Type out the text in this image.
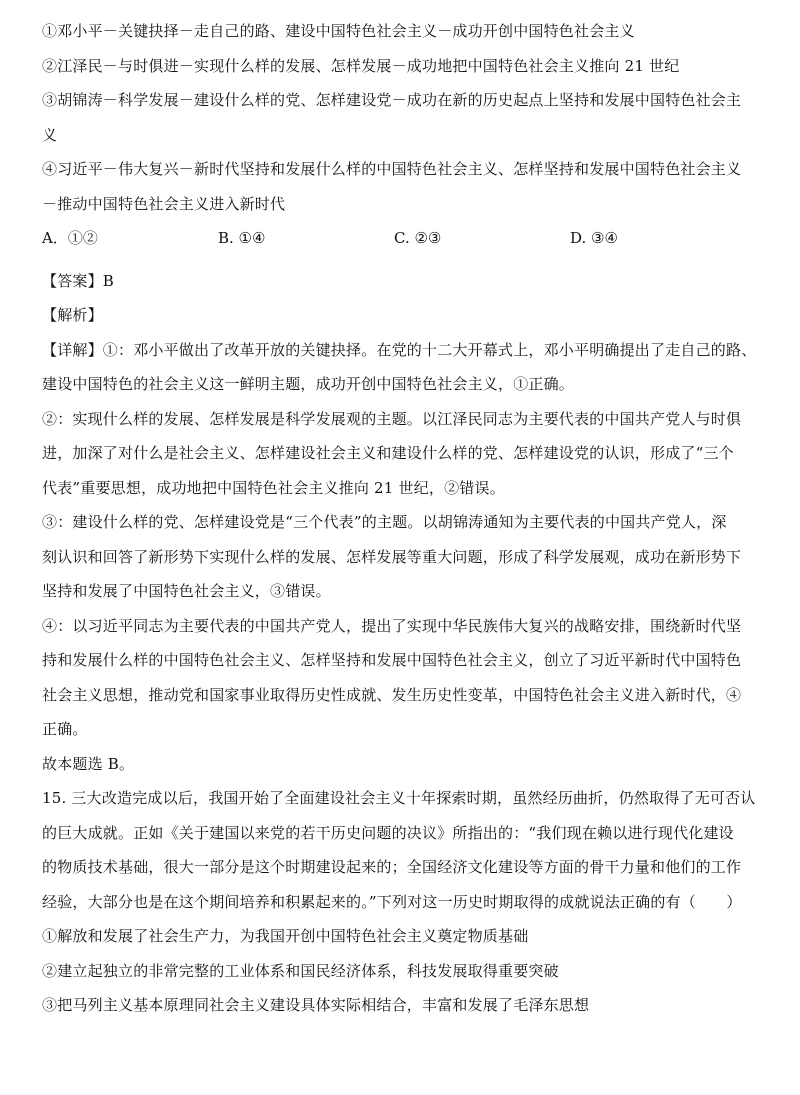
①邓小平－关键抉择－走自己的路、建设中国特色社会主义－成功开创中国特色社会主义
②江泽民－与时俱进－实现什么样的发展、怎样发展－成功地把中国特色社会主义推向 21 世纪
③胡锦涛－科学发展－建设什么样的党、怎样建设党－成功在新的历史起点上坚持和发展中国特色社会主
义
④习近平－伟大复兴－新时代坚持和发展什么样的中国特色社会主义、怎样坚持和发展中国特色社会主义
－推动中国特色社会主义进入新时代
A．①②	B. ①④	C. ②③	D. ③④
【答案】B
【解析】
【详解】①：邓小平做出了改革开放的关键抉择。在党的十二大开幕式上，邓小平明确提出了走自己的路、
建设中国特色的社会主义这一鲜明主题，成功开创中国特色社会主义，①正确。
②：实现什么样的发展、怎样发展是科学发展观的主题。以江泽民同志为主要代表的中国共产党人与时俱
进，加深了对什么是社会主义、怎样建设社会主义和建设什么样的党、怎样建设党的认识，形成了“三个
代表”重要思想，成功地把中国特色社会主义推向 21 世纪，②错误。
③：建设什么样的党、怎样建设党是“三个代表”的主题。以胡锦涛通知为主要代表的中国共产党人，深
刻认识和回答了新形势下实现什么样的发展、怎样发展等重大问题，形成了科学发展观，成功在新形势下
坚持和发展了中国特色社会主义，③错误。
④：以习近平同志为主要代表的中国共产党人，提出了实现中华民族伟大复兴的战略安排，围绕新时代坚
持和发展什么样的中国特色社会主义、怎样坚持和发展中国特色社会主义，创立了习近平新时代中国特色
社会主义思想，推动党和国家事业取得历史性成就、发生历史性变革，中国特色社会主义进入新时代，④
正确。
故本题选 B。
15. 三大改造完成以后，我国开始了全面建设社会主义十年探索时期，虽然经历曲折，仍然取得了无可否认
的巨大成就。正如《关于建国以来党的若干历史问题的决议》所指出的：“我们现在赖以进行现代化建设
的物质技术基础，很大一部分是这个时期建设起来的；全国经济文化建设等方面的骨干力量和他们的工作
经验，大部分也是在这个期间培养和积累起来的。”下列对这一历史时期取得的成就说法正确的有（　　）
①解放和发展了社会生产力，为我国开创中国特色社会主义奠定物质基础
②建立起独立的非常完整的工业体系和国民经济体系，科技发展取得重要突破
③把马列主义基本原理同社会主义建设具体实际相结合，丰富和发展了毛泽东思想
